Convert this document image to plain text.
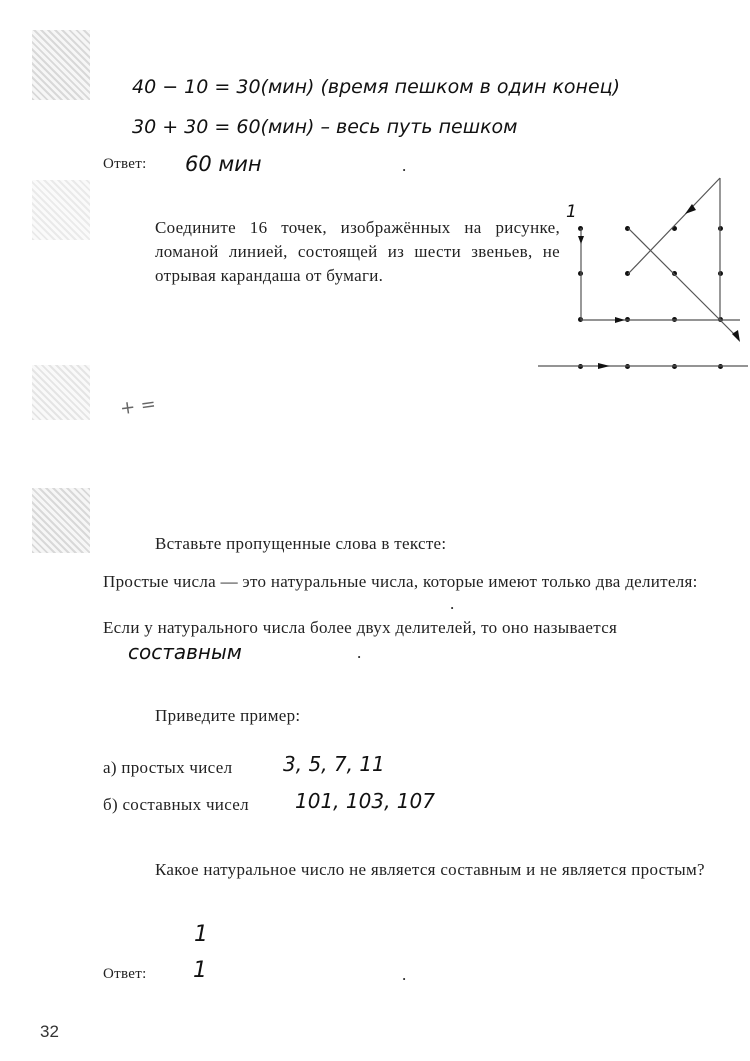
40 − 10 = 30(мин) (время пешком в один конец)
30 + 30 = 60(мин) – весь путь пешком
Ответ: 60 мин	.
Соедините 16 точек, изображённых на рисунке, ломаной линией, состоящей из шести звеньев, не отрывая карандаша от бумаги.
1
+ =
Вставьте пропущенные слова в тексте:
Простые числа — это натуральные числа, которые имеют только два делителя:
.
Если у натурального числа более двух делителей, то оно называется
составным	.
Приведите пример:
а) простых чисел	3, 5, 7, 11
б) составных чисел 101, 103, 107
Какое натуральное число не является составным и не является простым?
1
Ответ: 1	.
32
